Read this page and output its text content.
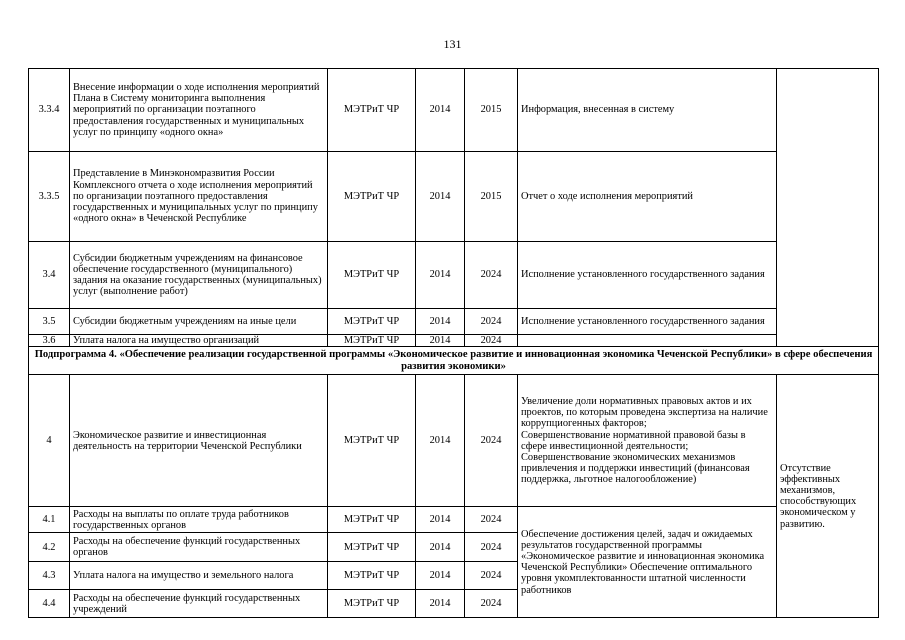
131
3.3.4	Внесение информации о ходе исполнения мероприятий Плана в Систему мониторинга выполнения мероприятий по организации поэтапного предоставления государственных и муниципальных услуг по принципу «одного окна»	МЭТРиТ ЧР	2014	2015	Информация, внесенная в систему	
3.3.5	Представление в Минэкономразвития России Комплексного отчета о ходе исполнения мероприятий по организации поэтапного предоставления государственных и муниципальных услуг по принципу «одного окна» в Чеченской Республике	МЭТРиТ ЧР	2014	2015	Отчет о ходе исполнения мероприятий	
3.4	Субсидии бюджетным учреждениям на финансовое обеспечение государственного (муниципального) задания на оказание государственных (муниципальных) услуг (выполнение работ)	МЭТРиТ ЧР	2014	2024	Исполнение установленного государственного задания	
3.5	Субсидии бюджетным учреждениям на иные цели	МЭТРиТ ЧР	2014	2024	Исполнение установленного государственного задания	
3.6	Уплата налога на имущество организаций	МЭТРиТ ЧР	2014	2024		
Подпрограмма 4. «Обеспечение реализации государственной программы «Экономическое развитие и инновационная экономика Чеченской Республики» в сфере обеспечения развития экономики»						
4	Экономическое развитие и инвестиционная деятельность на территории Чеченской Республики	МЭТРиТ ЧР	2014	2024	Увеличение доли нормативных правовых актов и их проектов, по которым проведена экспертиза на наличие коррупциогенных факторов;
Совершенствование нормативной правовой базы в сфере инвестиционной деятельности;
Совершенствование экономических механизмов привлечения и поддержки инвестиций (финансовая поддержка, льготное налогообложение)	Отсутствие эффективных механизмов, способствующих экономическом у развитию.
4.1	Расходы на выплаты по оплате труда работников государственных органов	МЭТРиТ ЧР	2014	2024	Обеспечение достижения целей, задач и ожидаемых результатов государственной программы «Экономическое развитие и инновационная экономика Чеченской Республики» Обеспечение оптимального уровня укомплектованности штатной численности работников	
4.2	Расходы на обеспечение функций государственных органов	МЭТРиТ ЧР	2014	2024		
4.3	Уплата налога на имущество и земельного налога	МЭТРиТ ЧР	2014	2024		
4.4	Расходы на обеспечение функций государственных учреждений	МЭТРиТ ЧР	2014	2024		
